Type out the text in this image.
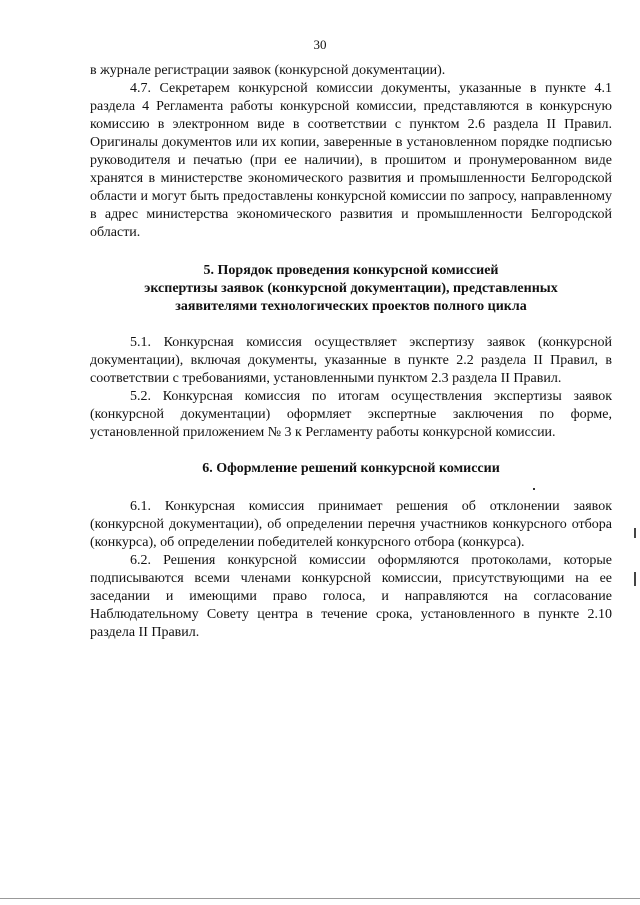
30

в журнале регистрации заявок (конкурсной документации).

4.7. Секретарем конкурсной комиссии документы, указанные в пункте 4.1 раздела 4 Регламента работы конкурсной комиссии, представляются в конкурсную комиссию в электронном виде в соответствии с пунктом 2.6 раздела II Правил. Оригиналы документов или их копии, заверенные в установленном порядке подписью руководителя и печатью (при ее наличии), в прошитом и пронумерованном виде хранятся в министерстве экономического развития и промышленности Белгородской области и могут быть предоставлены конкурсной комиссии по запросу, направленному в адрес министерства экономического развития и промышленности Белгородской области.

5. Порядок проведения конкурсной комиссией
экспертизы заявок (конкурсной документации), представленных
заявителями технологических проектов полного цикла

5.1. Конкурсная комиссия осуществляет экспертизу заявок (конкурсной документации), включая документы, указанные в пункте 2.2 раздела II Правил, в соответствии с требованиями, установленными пунктом 2.3 раздела II Правил.

5.2. Конкурсная комиссия по итогам осуществления экспертизы заявок (конкурсной документации) оформляет экспертные заключения по форме, установленной приложением № 3 к Регламенту работы конкурсной комиссии.

6. Оформление решений конкурсной комиссии

6.1. Конкурсная комиссия принимает решения об отклонении заявок (конкурсной документации), об определении перечня участников конкурсного отбора (конкурса), об определении победителей конкурсного отбора (конкурса).

6.2. Решения конкурсной комиссии оформляются протоколами, которые подписываются всеми членами конкурсной комиссии, присутствующими на ее заседании и имеющими право голоса, и направляются на согласование Наблюдательному Совету центра в течение срока, установленного в пункте 2.10 раздела II Правил.
